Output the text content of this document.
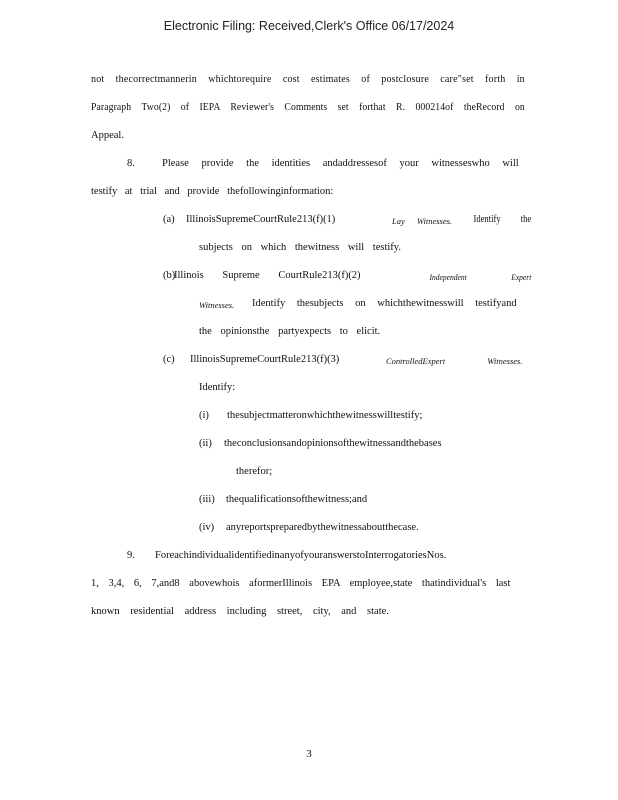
Electronic Filing: Received,Clerk's Office 06/17/2024
not thecorrectmannerin whichtorequire cost estimates of postclosure care"set forth in
Paragraph Two(2) of IEPA Reviewer's Comments set forthat R. 000214of theRecord on
Appeal.
8.	Please provide the identities andaddressesof your witnesseswho will
testify at trial and provide thefollowinginformation:
(a) IllinoisSupremeCourtRule213(f)(1)	Lay Witnesses. Identify the
subjects on which thewitness will testify.
(b)
Illinois Supreme CourtRule213(f)(2)	Independent Expert
Witnesses. Identify thesubjects on whichthewitnesswill testifyand
the opinionsthe partyexpects to elicit.
(c) IllinoisSupremeCourtRule213(f)(3)	ControlledExpert Witnesses.
Identify:
(i) thesubjectmatteronwhichthewitnesswilltestify;
(ii) theconclusionsandopinionsofthewitnessandthebases
therefor;
(iii) thequalificationsofthewitness;and
(iv) anyreportspreparedbythewitnessaboutthecase.
9. ForeachindividualidentifiedinanyofyouranswerstoInterrogatoriesNos.
1, 3,4, 6, 7,and8 abovewhois aformerIllinois EPA employee,state thatindividual's last
known residential address including street, city, and state.
3
